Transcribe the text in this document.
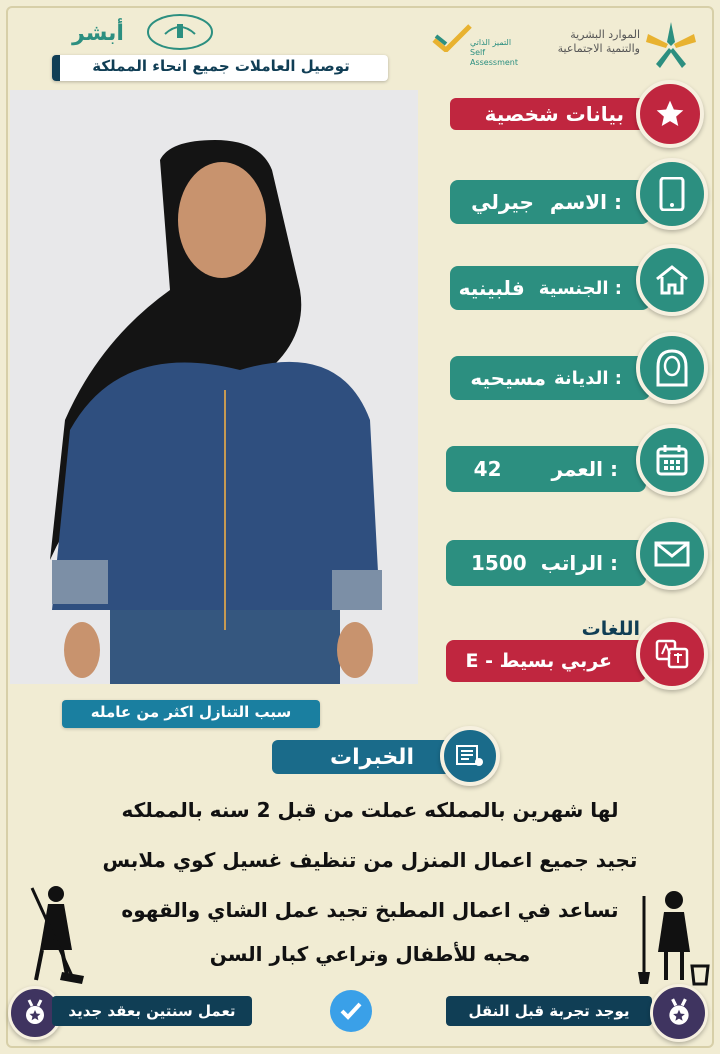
أبشر	التميز الذاتي Self Assessment
الموارد البشرية والتنمية الاجتماعية
توصيل العاملات جميع انحاء المملكة
بيانات شخصية
جيرلي الاسم :
فلبينيه الجنسية :
مسيحيه الديانة :
42	العمر :
1500 الراتب :
اللغات
E - عربي بسيط
سبب التنازل اكثر من عامله
الخبرات
لها شهرين بالمملكه عملت من قبل 2 سنه بالمملكه
تجيد جميع اعمال المنزل من تنظيف غسيل كوي ملابس
تساعد في اعمال المطبخ تجيد عمل الشاي والقهوه
محبه للأطفال وتراعي كبار السن
تعمل سنتين بعقد جديد	يوجد تجربة قبل النقل
